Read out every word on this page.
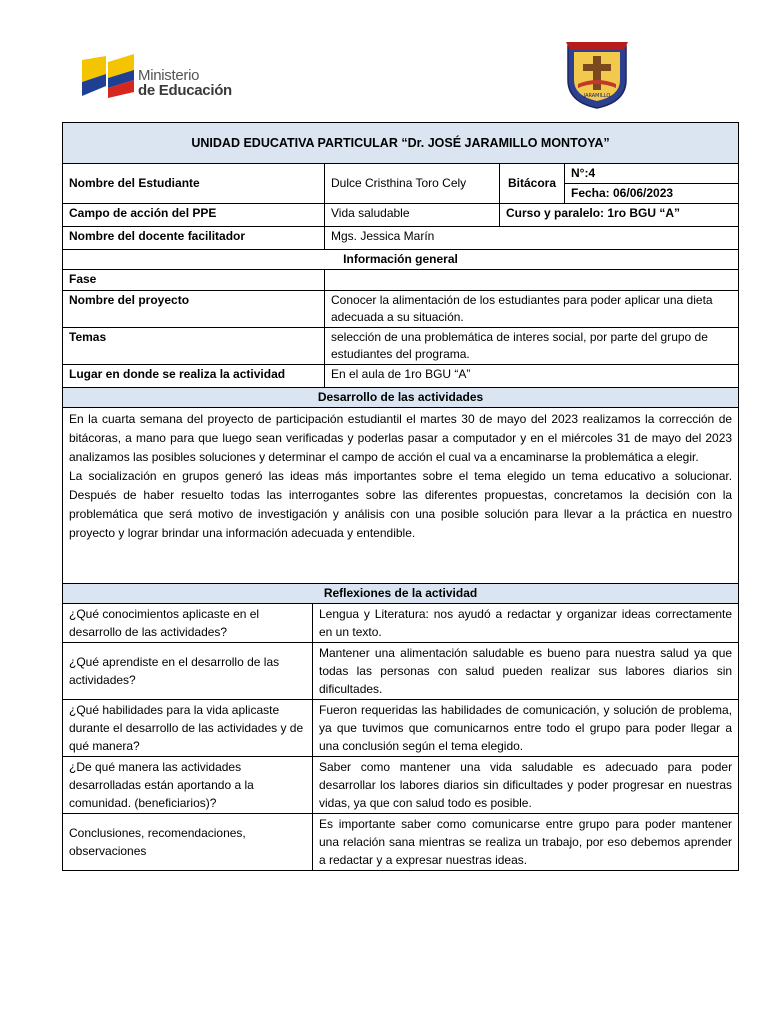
Ministerio
de Educación	JARAMILLO
UNIDAD EDUCATIVA PARTICULAR “Dr. JOSÉ JARAMILLO MONTOYA”				
Nombre del Estudiante		Dulce Cristhina Toro Cely	Bitácora	N°:4
				Fecha: 06/06/2023
Campo de acción del PPE		Vida saludable	Curso y paralelo: 1ro BGU “A”	
Nombre del docente facilitador		Mgs. Jessica Marín		
Información general				
Fase				
Nombre del proyecto		Conocer la alimentación de los estudiantes para poder aplicar una dieta adecuada a su situación.		
Temas		selección de una problemática de interes social, por parte del grupo de estudiantes del programa.		
Lugar en donde se realiza la actividad		En el aula de 1ro BGU “A”		
Desarrollo de las actividades				

En la cuarta semana del proyecto de participación estudiantil el martes 30 de mayo del 2023 realizamos la corrección de bitácoras, a mano para que luego sean verificadas y poderlas pasar a computador y en el miércoles 31 de mayo del 2023 analizamos las posibles soluciones y determinar el campo de acción el cual va a encaminarse la problemática a elegir.
La socialización en grupos generó las ideas más importantes sobre el tema elegido un tema educativo a solucionar. Después de haber resuelto todas las interrogantes sobre las diferentes propuestas, concretamos la decisión con la problemática que será motivo de investigación y análisis con una posible solución para llevar a la práctica en nuestro proyecto y lograr brindar una información adecuada y entendible.				

Reflexiones de la actividad				
¿Qué conocimientos aplicaste en el desarrollo de las actividades?	Lengua y Literatura: nos ayudó a redactar y organizar ideas correctamente en un texto.			
¿Qué aprendiste en el desarrollo de las actividades?	Mantener una alimentación saludable es bueno para nuestra salud ya que todas las personas con salud pueden realizar sus labores diarios sin dificultades.			
¿Qué habilidades para la vida aplicaste durante el desarrollo de las actividades y de qué manera?	Fueron requeridas las habilidades de comunicación, y solución de problema, ya que tuvimos que comunicarnos entre todo el grupo para poder llegar a una conclusión según el tema elegido.			
¿De qué manera las actividades desarrolladas están aportando a la comunidad. (beneficiarios)?	Saber como mantener una vida saludable es adecuado para poder desarrollar los labores diarios sin dificultades y poder progresar en nuestras vidas, ya que con salud todo es posible.			
Conclusiones, recomendaciones, observaciones	Es importante saber como comunicarse entre grupo para poder mantener una relación sana mientras se realiza un trabajo, por eso debemos aprender a redactar y a expresar nuestras ideas.			
